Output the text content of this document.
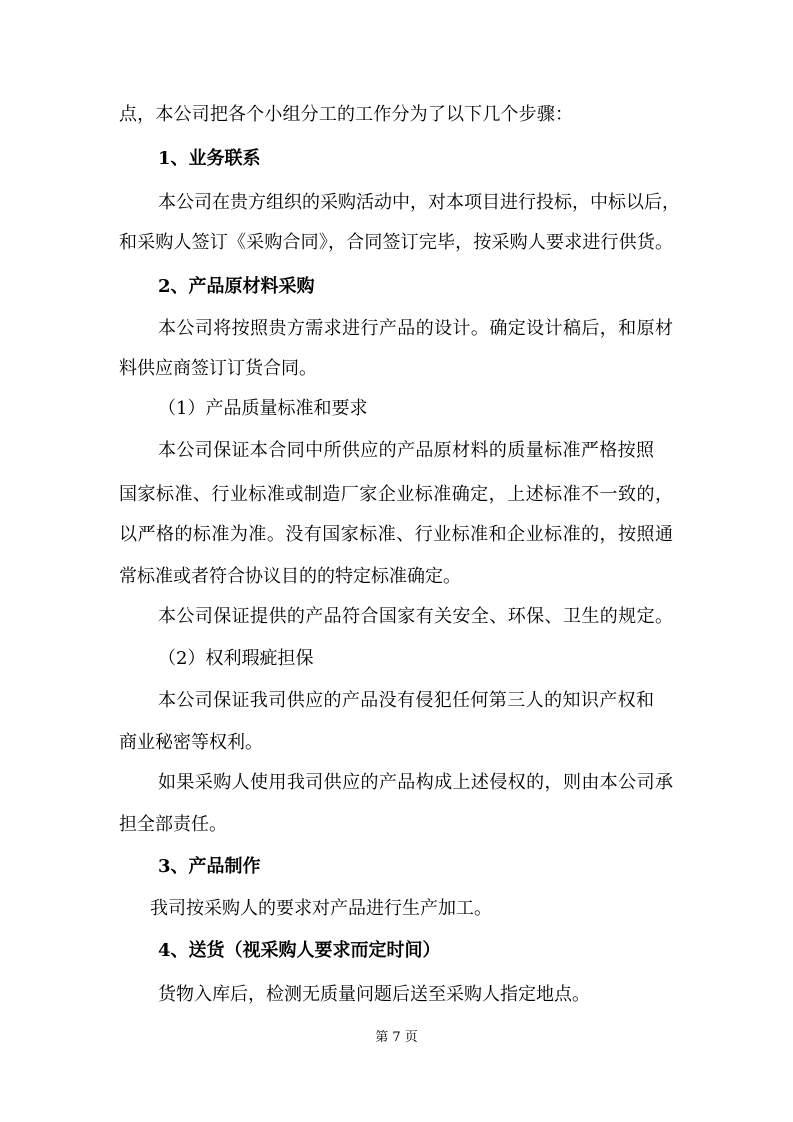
点，本公司把各个小组分工的工作分为了以下几个步骤：
1、业务联系
本公司在贵方组织的采购活动中，对本项目进行投标，中标以后，
和采购人签订《采购合同》，合同签订完毕，按采购人要求进行供货。
2、产品原材料采购
本公司将按照贵方需求进行产品的设计。确定设计稿后，和原材
料供应商签订订货合同。
（1）产品质量标准和要求
本公司保证本合同中所供应的产品原材料的质量标准严格按照
国家标准、行业标准或制造厂家企业标准确定，上述标准不一致的，
以严格的标准为准。没有国家标准、行业标准和企业标准的，按照通
常标准或者符合协议目的的特定标准确定。
本公司保证提供的产品符合国家有关安全、环保、卫生的规定。
（2）权利瑕疵担保
本公司保证我司供应的产品没有侵犯任何第三人的知识产权和
商业秘密等权利。
如果采购人使用我司供应的产品构成上述侵权的，则由本公司承
担全部责任。
3、产品制作
我司按采购人的要求对产品进行生产加工。
4、送货（视采购人要求而定时间）
货物入库后，检测无质量问题后送至采购人指定地点。
第 7 页
